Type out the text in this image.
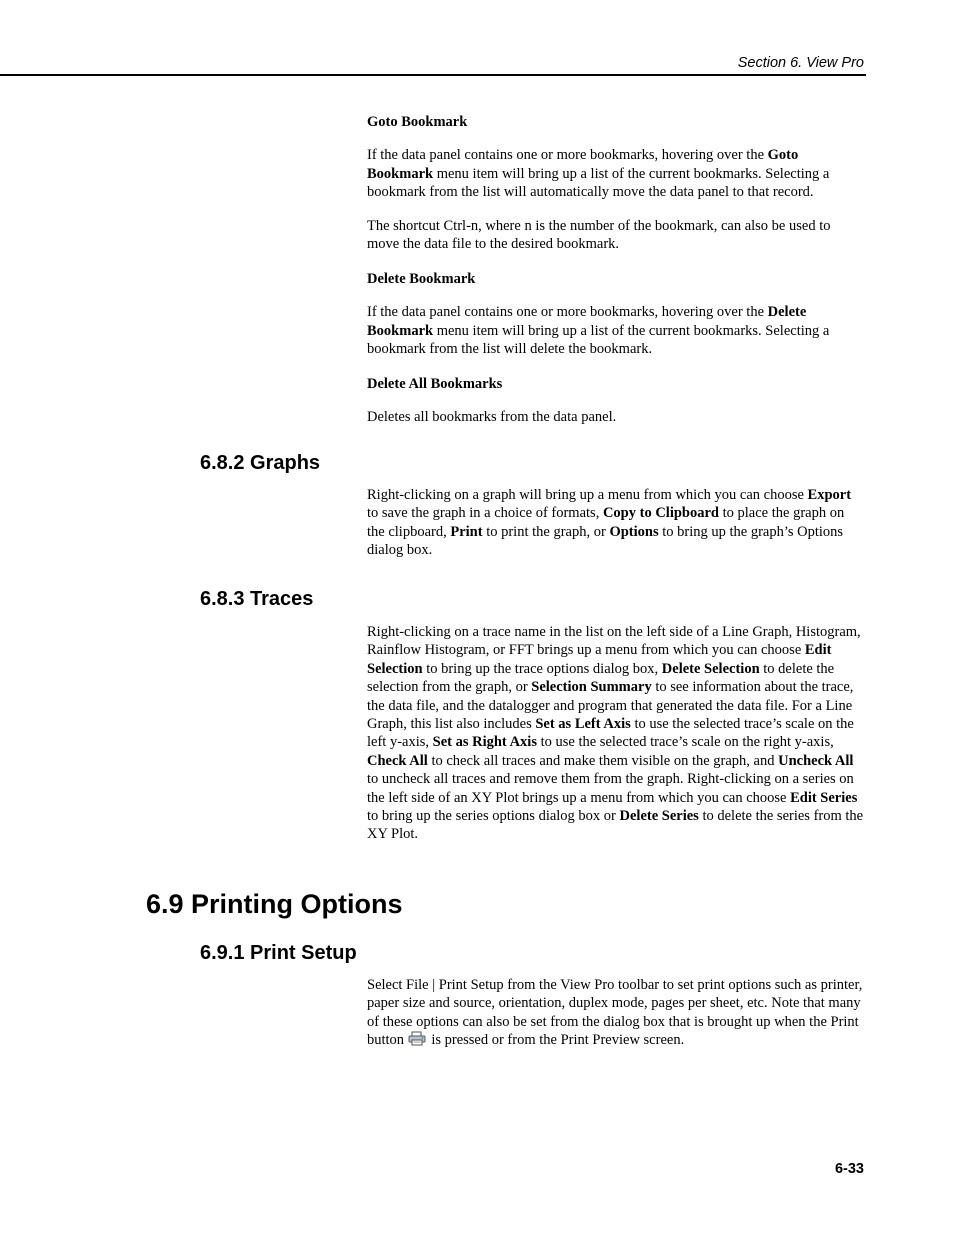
Section 6. View Pro

Goto Bookmark

If the data panel contains one or more bookmarks, hovering over the Goto Bookmark menu item will bring up a list of the current bookmarks. Selecting a bookmark from the list will automatically move the data panel to that record.

The shortcut Ctrl-n, where n is the number of the bookmark, can also be used to move the data file to the desired bookmark.

Delete Bookmark

If the data panel contains one or more bookmarks, hovering over the Delete Bookmark menu item will bring up a list of the current bookmarks. Selecting a bookmark from the list will delete the bookmark.

Delete All Bookmarks

Deletes all bookmarks from the data panel.

6.8.2 Graphs

Right-clicking on a graph will bring up a menu from which you can choose Export to save the graph in a choice of formats, Copy to Clipboard to place the graph on the clipboard, Print to print the graph, or Options to bring up the graph’s Options dialog box.

6.8.3 Traces

Right-clicking on a trace name in the list on the left side of a Line Graph, Histogram, Rainflow Histogram, or FFT brings up a menu from which you can choose Edit Selection to bring up the trace options dialog box, Delete Selection to delete the selection from the graph, or Selection Summary to see information about the trace, the data file, and the datalogger and program that generated the data file. For a Line Graph, this list also includes Set as Left Axis to use the selected trace’s scale on the left y-axis, Set as Right Axis to use the selected trace’s scale on the right y-axis, Check All to check all traces and make them visible on the graph, and Uncheck All to uncheck all traces and remove them from the graph. Right-clicking on a series on the left side of an XY Plot brings up a menu from which you can choose Edit Series to bring up the series options dialog box or Delete Series to delete the series from the XY Plot.

6.9 Printing Options
6.9.1 Print Setup

Select File | Print Setup from the View Pro toolbar to set print options such as printer, paper size and source, orientation, duplex mode, pages per sheet, etc. Note that many of these options can also be set from the dialog box that is brought up when the Print button  is pressed or from the Print Preview screen.

6-33
